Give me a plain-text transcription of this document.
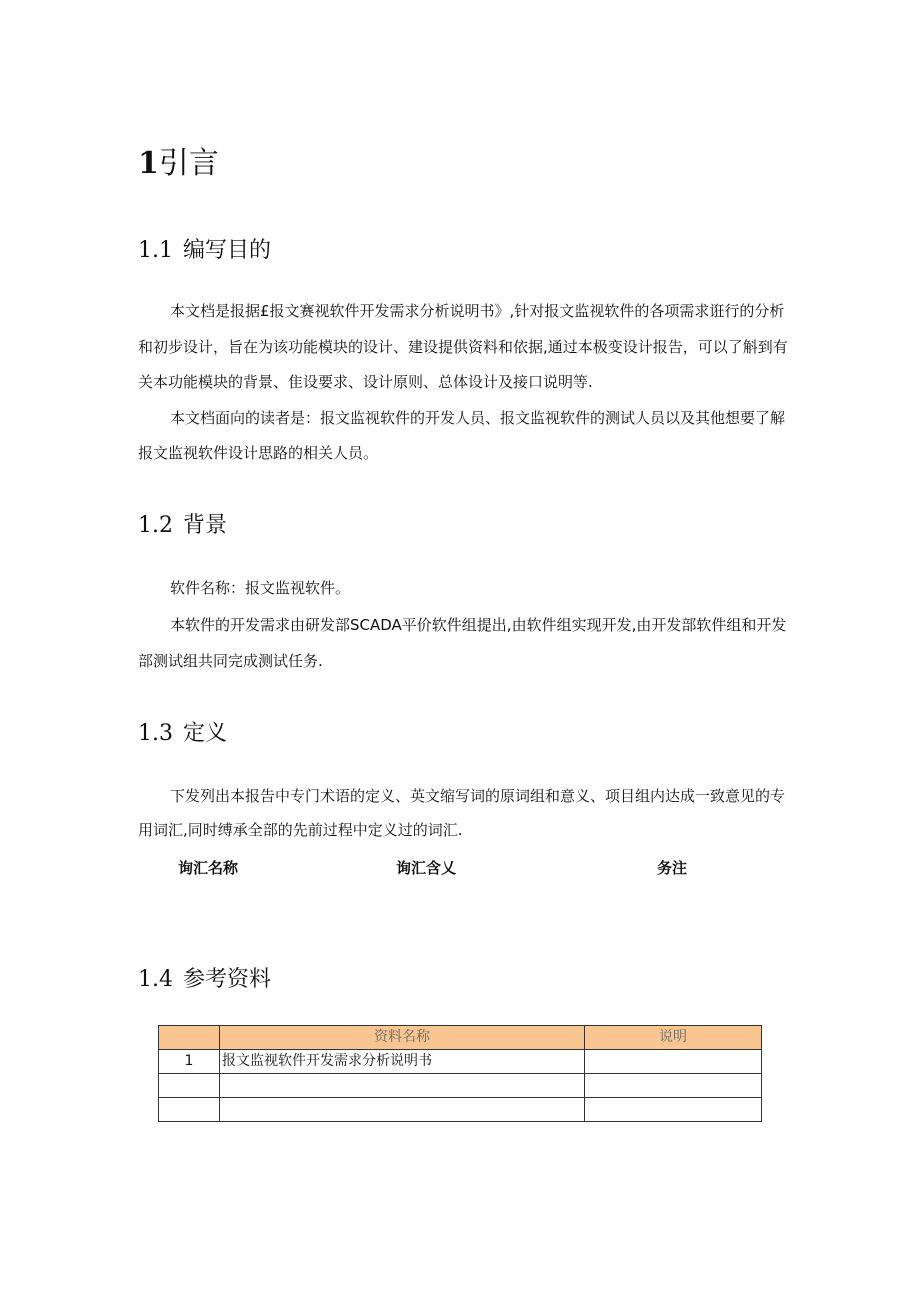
1引言
1.1 编写目的
本文档是报据£报文赛视软件开发需求分析说明书》,针对报文监视软件的各项需求诳行的分析
和初步设计，旨在为该功能模块的设计、建设提供资料和依据,通过本极变设计报告，可以了斛到有
关本功能模块的背景、隹设要求、设计原则、总体设计及接口说明等.
本文档面向的读者是：报文监视软件的开发人员、报文监视软件的测试人员以及其他想要了解
报文监视软件设计思路的相关人员。
1.2 背景
软件名称：报文监视软件。
本软件的开发需求由研发部SCADA平价软件组提出,由软件组实现开发,由开发部软件组和开发
部测试组共同完成测试任务.
1.3 定义
下发列出本报告中专门术语的定义、英文缩写词的原词组和意义、项目组内达成一致意见的专
用词汇,同时缚承全部的先前过程中定义过的词汇.
询汇名称	询汇含乂	务注
1.4 参考资料
	资料名称	说明
1	报文监视软件开发需求分析说明书	
